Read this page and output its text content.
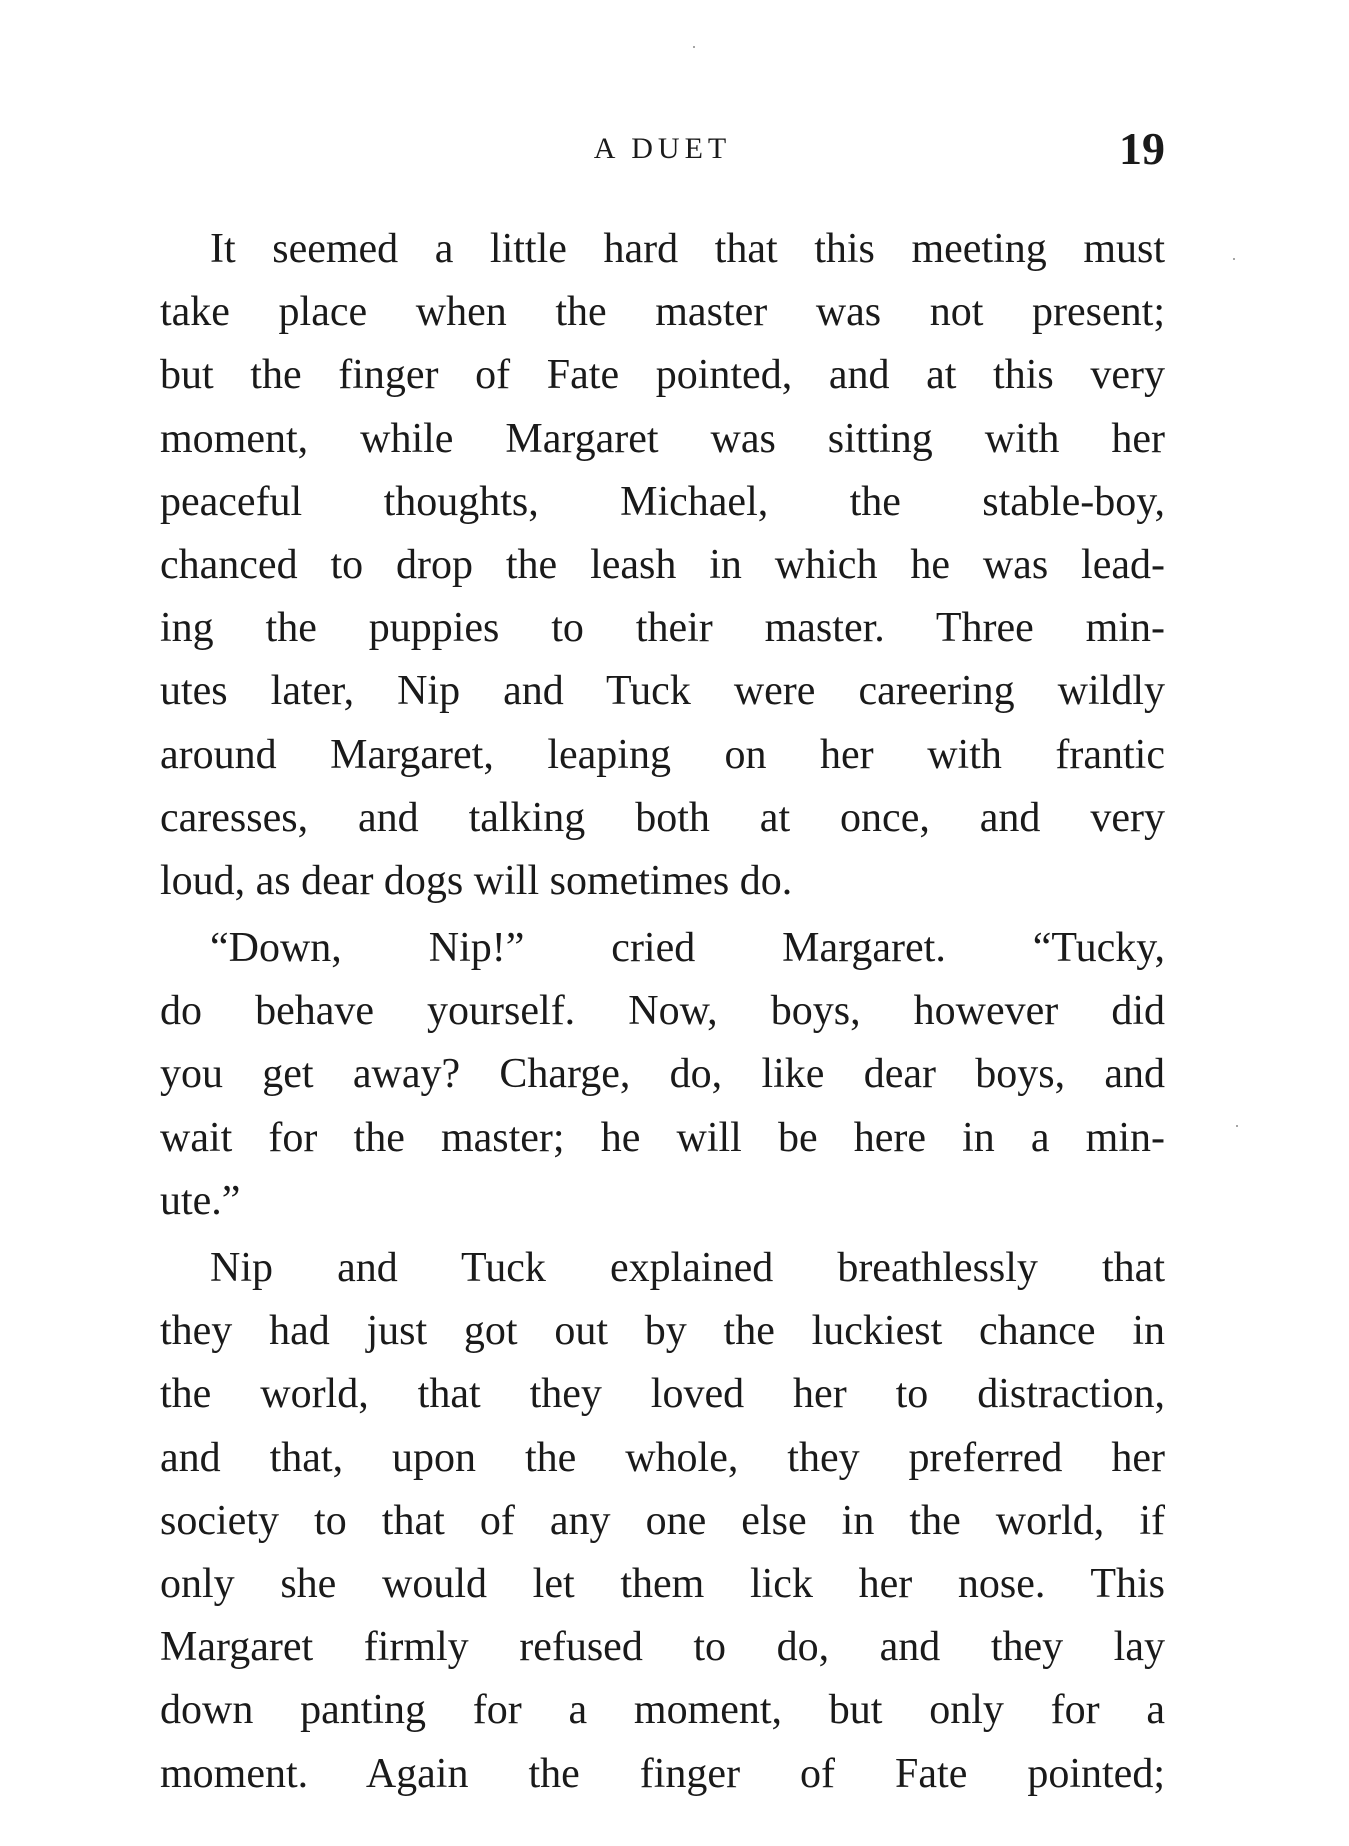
A DUET	19
It seemed a little hard that this meeting must
take place when the master was not present;
but the finger of Fate pointed, and at this very
moment, while Margaret was sitting with her
peaceful thoughts, Michael, the stable-boy,
chanced to drop the leash in which he was lead-
ing the puppies to their master. Three min-
utes later, Nip and Tuck were careering wildly
around Margaret, leaping on her with frantic
caresses, and talking both at once, and very
loud, as dear dogs will sometimes do.
“Down, Nip!” cried Margaret. “Tucky,
do behave yourself. Now, boys, however did
you get away? Charge, do, like dear boys, and
wait for the master; he will be here in a min-
ute.”
Nip and Tuck explained breathlessly that
they had just got out by the luckiest chance in
the world, that they loved her to distraction,
and that, upon the whole, they preferred her
society to that of any one else in the world, if
only she would let them lick her nose. This
Margaret firmly refused to do, and they lay
down panting for a moment, but only for a
moment. Again the finger of Fate pointed;
